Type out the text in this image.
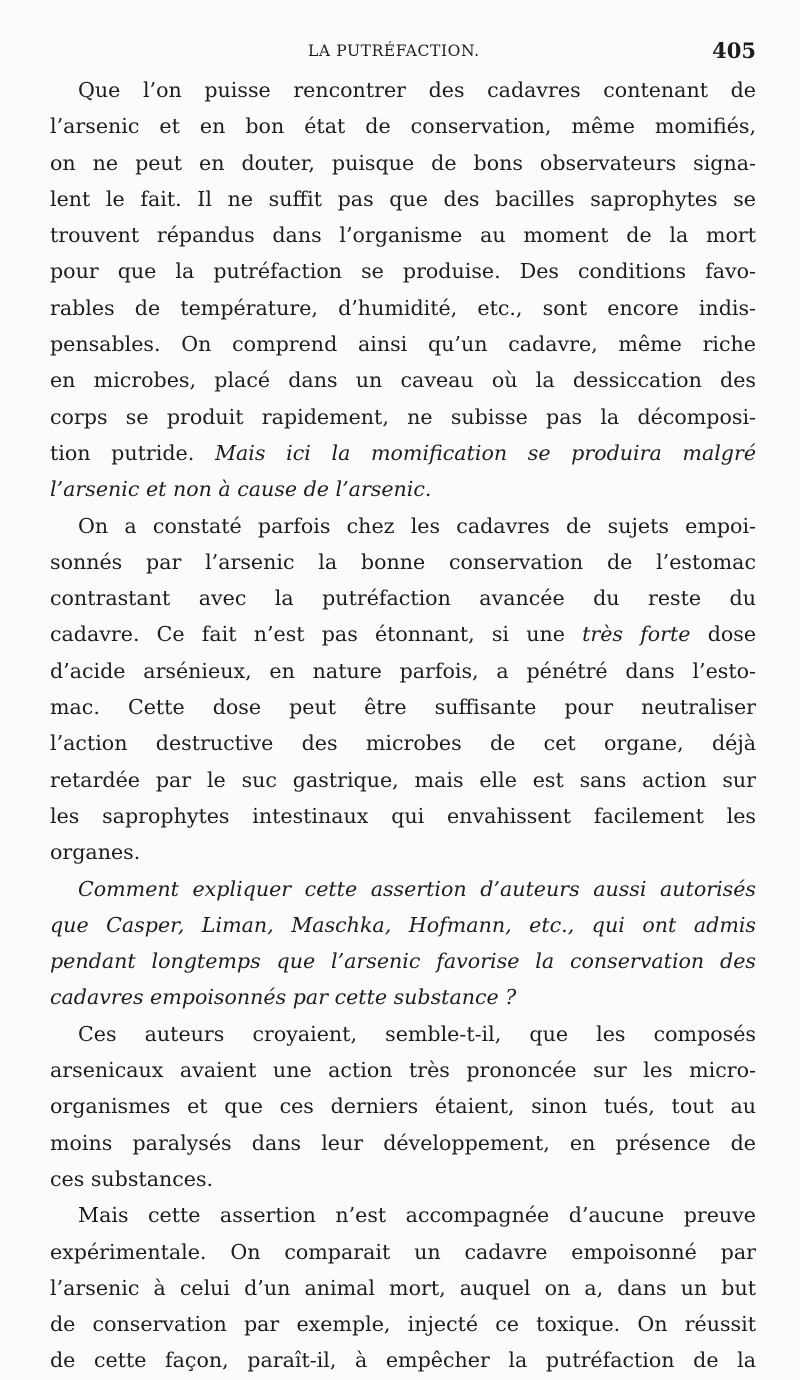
LA PUTRÉFACTION.	405
Que l’on puisse rencontrer des cadavres contenant de
l’arsenic et en bon état de conservation, même momifiés,
on ne peut en douter, puisque de bons observateurs signa-
lent le fait. Il ne suffit pas que des bacilles saprophytes se
trouvent répandus dans l’organisme au moment de la mort
pour que la putréfaction se produise. Des conditions favo-
rables de température, d’humidité, etc., sont encore indis-
pensables. On comprend ainsi qu’un cadavre, même riche
en microbes, placé dans un caveau où la dessiccation des
corps se produit rapidement, ne subisse pas la décomposi-
tion putride. Mais ici la momification se produira malgré
l’arsenic et non à cause de l’arsenic.
On a constaté parfois chez les cadavres de sujets empoi-
sonnés par l’arsenic la bonne conservation de l’estomac
contrastant avec la putréfaction avancée du reste du
cadavre. Ce fait n’est pas étonnant, si une très forte dose
d’acide arsénieux, en nature parfois, a pénétré dans l’esto-
mac. Cette dose peut être suffisante pour neutraliser
l’action destructive des microbes de cet organe, déjà
retardée par le suc gastrique, mais elle est sans action sur
les saprophytes intestinaux qui envahissent facilement les
organes.
Comment expliquer cette assertion d’auteurs aussi autorisés
que Casper, Liman, Maschka, Hofmann, etc., qui ont admis
pendant longtemps que l’arsenic favorise la conservation des
cadavres empoisonnés par cette substance ?
Ces auteurs croyaient, semble-t-il, que les composés
arsenicaux avaient une action très prononcée sur les micro-
organismes et que ces derniers étaient, sinon tués, tout au
moins paralysés dans leur développement, en présence de
ces substances.
Mais cette assertion n’est accompagnée d’aucune preuve
expérimentale. On comparait un cadavre empoisonné par
l’arsenic à celui d’un animal mort, auquel on a, dans un but
de conservation par exemple, injecté ce toxique. On réussit
de cette façon, paraît-il, à empêcher la putréfaction de la
